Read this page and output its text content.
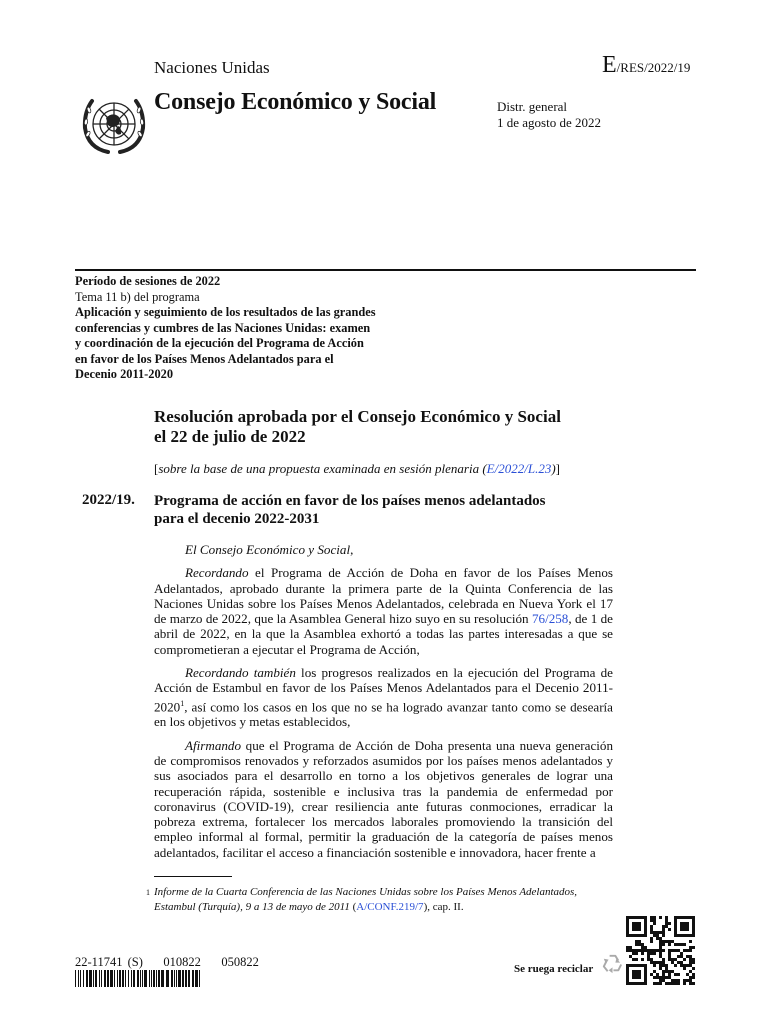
Naciones Unidas	E/RES/2022/19
Consejo Económico y Social	Distr. general
1 de agosto de 2022
Período de sesiones de 2022
Tema 11 b) del programa
Aplicación y seguimiento de los resultados de las grandes
conferencias y cumbres de las Naciones Unidas: examen
y coordinación de la ejecución del Programa de Acción
en favor de los Países Menos Adelantados para el
Decenio 2011-2020
Resolución aprobada por el Consejo Económico y Social
el 22 de julio de 2022
[sobre la base de una propuesta examinada en sesión plenaria (E/2022/L.23)]
2022/19. Programa de acción en favor de los países menos adelantados
para el decenio 2022-2031

El Consejo Económico y Social,

Recordando el Programa de Acción de Doha en favor de los Países Menos Adelantados, aprobado durante la primera parte de la Quinta Conferencia de las Naciones Unidas sobre los Países Menos Adelantados, celebrada en Nueva York el 17 de marzo de 2022, que la Asamblea General hizo suyo en su resolución 76/258, de 1 de abril de 2022, en la que la Asamblea exhortó a todas las partes interesadas a que se comprometieran a ejecutar el Programa de Acción,

Recordando también los progresos realizados en la ejecución del Programa de Acción de Estambul en favor de los Países Menos Adelantados para el Decenio 2011-2020$^1$, así como los casos en los que no se ha logrado avanzar tanto como se desearía en los objetivos y metas establecidos,

Afirmando que el Programa de Acción de Doha presenta una nueva generación de compromisos renovados y reforzados asumidos por los países menos adelantados y sus asociados para el desarrollo en torno a los objetivos generales de lograr una recuperación rápida, sostenible e inclusiva tras la pandemia de enfermedad por coronavirus (COVID-19), crear resiliencia ante futuras conmociones, erradicar la pobreza extrema, fortalecer los mercados laborales promoviendo la transición del empleo informal al formal, permitir la graduación de la categoría de países menos adelantados, facilitar el acceso a financiación sostenible e innovadora, hacer frente a

1 Informe de la Cuarta Conferencia de las Naciones Unidas sobre los Países Menos Adelantados, Estambul (Turquía), 9 a 13 de mayo de 2011 (A/CONF.219/7), cap. II.
22-11741 (S)    010822    050822	Se ruega reciclar
